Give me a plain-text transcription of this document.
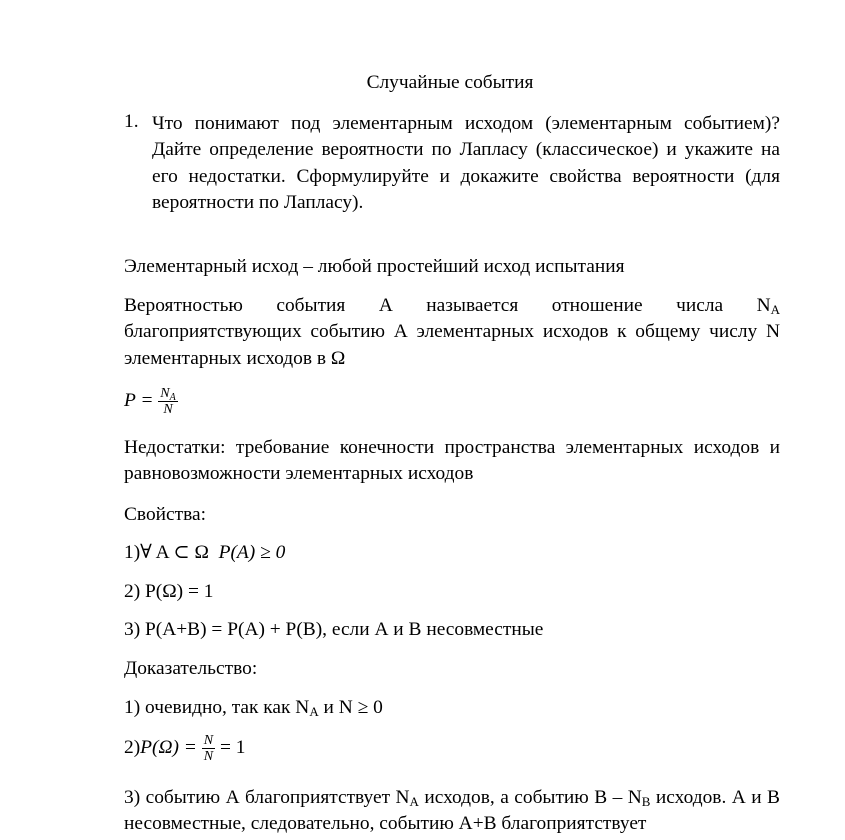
Случайные события
1. Что понимают под элементарным исходом (элементарным событием)? Дайте определение вероятности по Лапласу (классическое) и укажите на его недостатки. Сформулируйте и докажите свойства вероятности (для вероятности по Лапласу).

Элементарный исход – любой простейший исход испытания

Вероятностью события А называется отношение числа $N_A$ благоприятствующих событию А элементарных исходов к общему числу N элементарных исходов в Ω

$P = \frac{N_A}{N}$

Недостатки: требование конечности пространства элементарных исходов и равновозможности элементарных исходов

Свойства:

1)∀ A ⊂ Ω P(A) ≥ 0

2) P(Ω) = 1

3) P(A+B) = P(A) + P(B), если А и В несовместные

Доказательство:

1) очевидно, так как $N_A$ и N ≥ 0

$2)P(\Omega) = \frac{N}{N} = 1$

3) событию А благоприятствует $N_A$ исходов, а событию В – $N_B$ исходов. А и В несовместные, следовательно, событию А+В благоприятствует
